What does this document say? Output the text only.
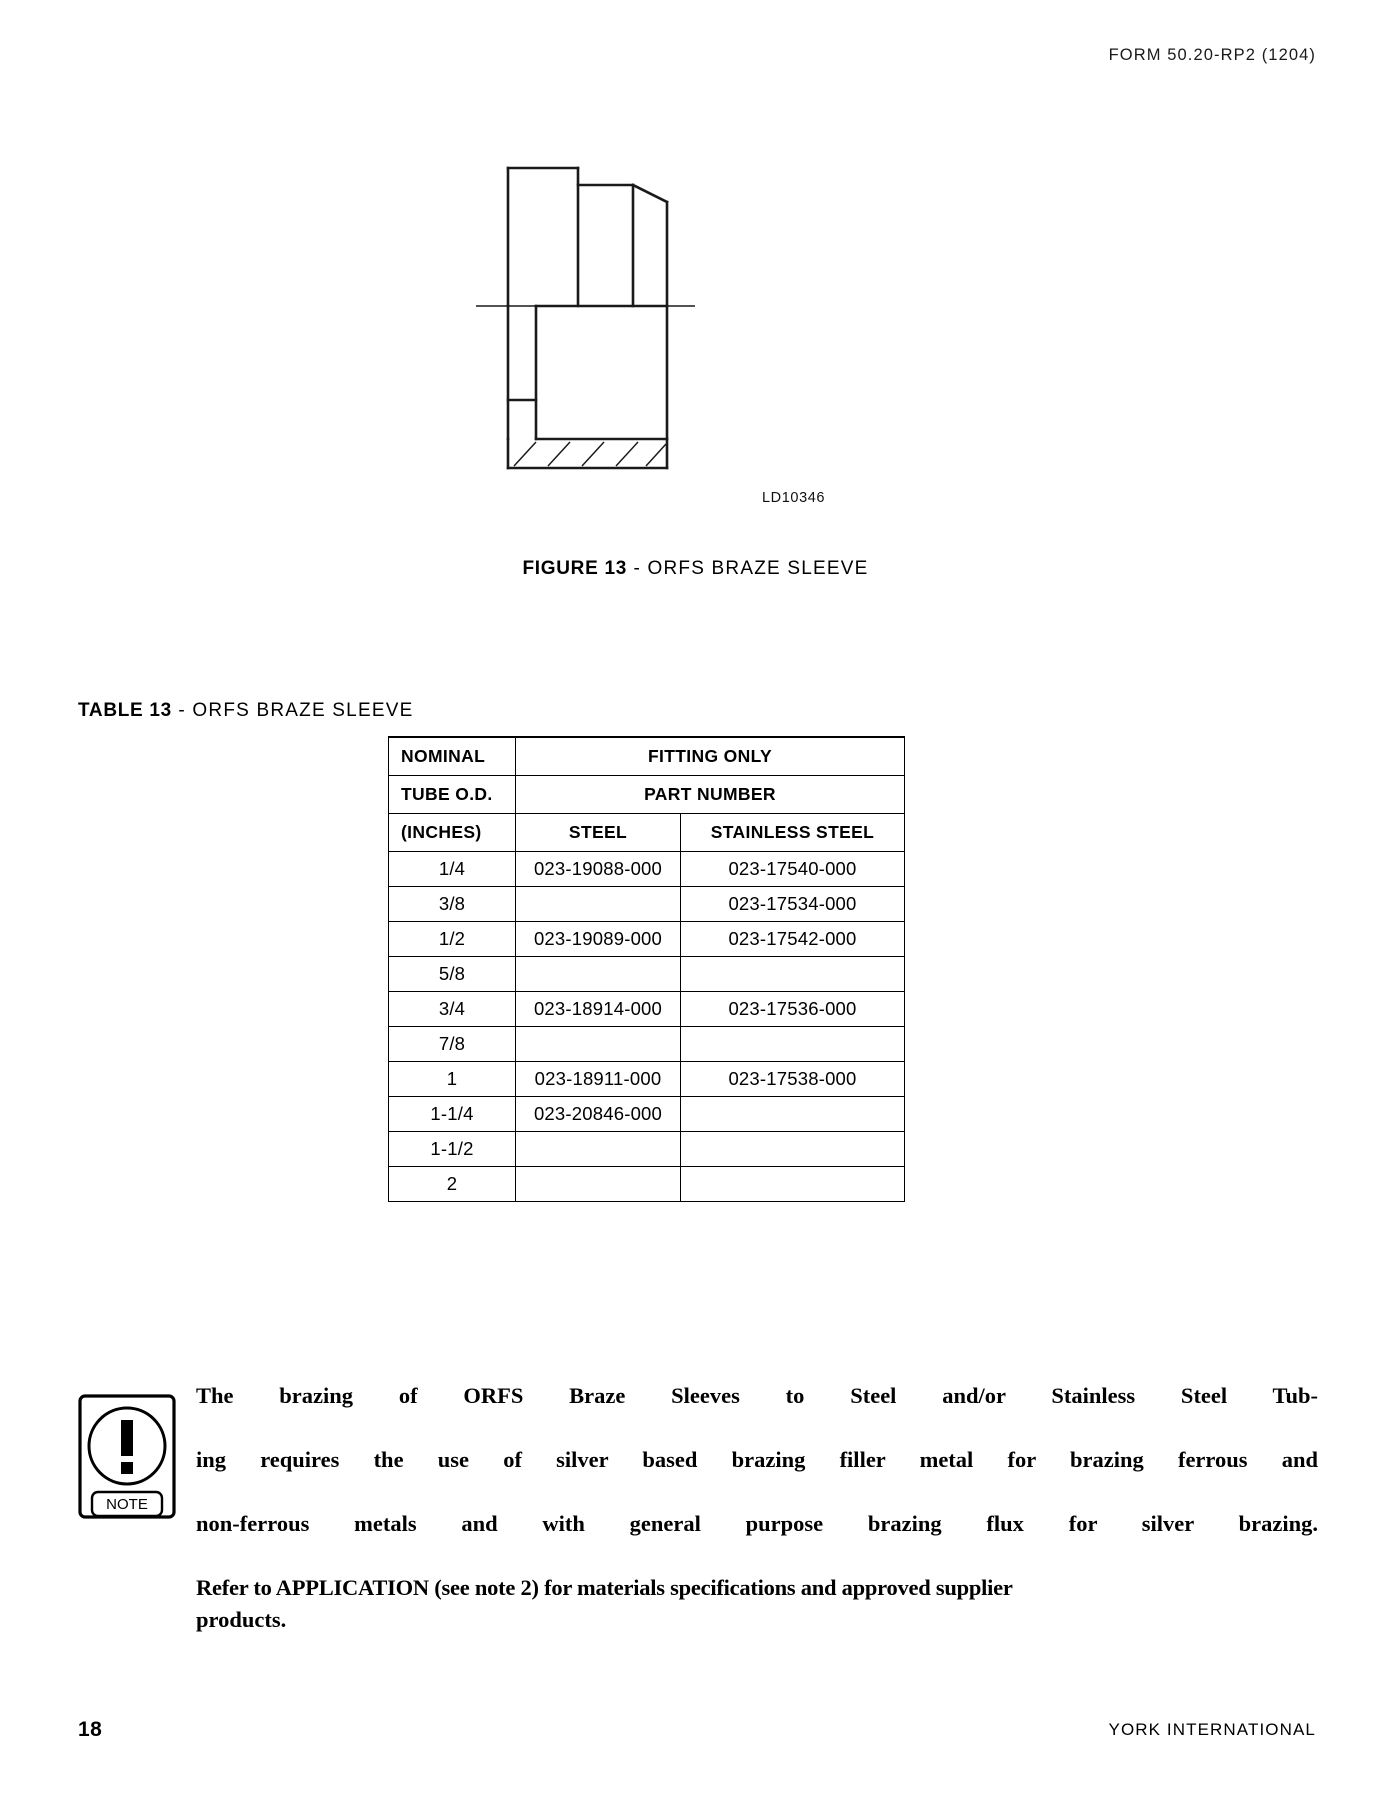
FORM 50.20-RP2 (1204)
LD10346
FIGURE 13 - ORFS BRAZE SLEEVE
TABLE 13 - ORFS BRAZE SLEEVE
NOMINAL	FITTING ONLY	
TUBE O.D.	PART NUMBER	
(INCHES)	STEEL	STAINLESS STEEL
1/4	023-19088-000	023-17540-000
3/8		023-17534-000
1/2	023-19089-000	023-17542-000
5/8		
3/4	023-18914-000	023-17536-000
7/8		
1	023-18911-000	023-17538-000
1-1/4	023-20846-000	
1-1/2		
2		
NOTE
The brazing of ORFS Braze Sleeves to Steel and/or Stainless Steel Tub-
ing requires the use of silver based brazing filler metal for brazing ferrous and
non-ferrous metals and with general purpose brazing flux for silver brazing.
Refer to APPLICATION (see note 2) for materials specifications and approved supplier
products.
18	YORK INTERNATIONAL
